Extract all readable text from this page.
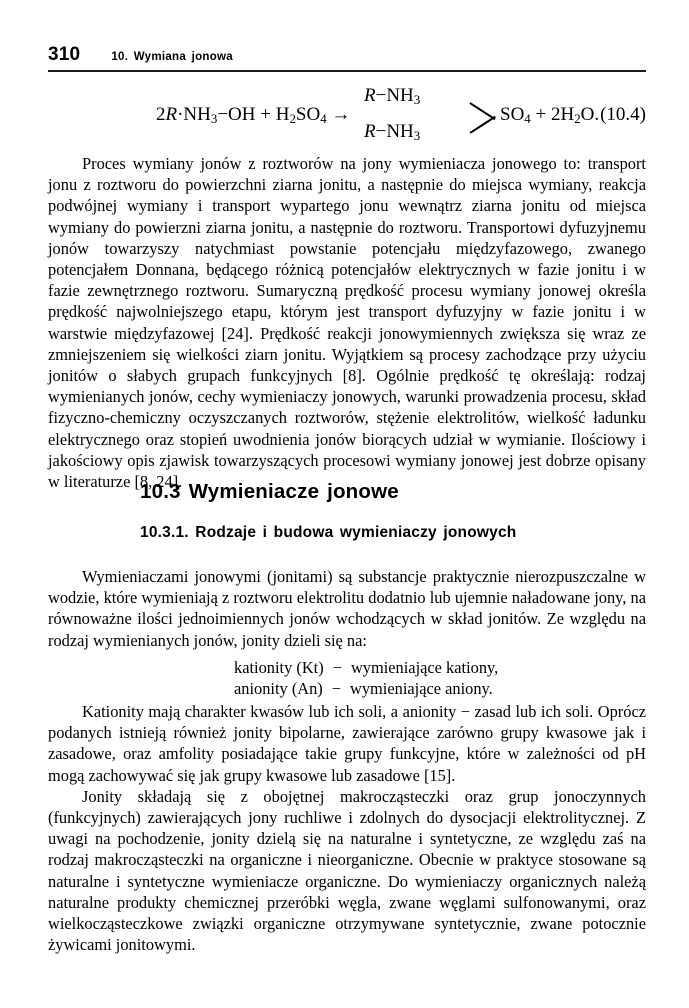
310	10. Wymiana jonowa
$2R\cdot NH_3-OH + H_2SO_4$ →
$R-NH_3$
$R-NH_3$
$SO_4 + 2H_2O$. (10.4)

Proces wymiany jonów z roztworów na jony wymieniacza jonowego to: transport jonu z roztworu do powierzchni ziarna jonitu, a następnie do miejsca wymiany, reakcja podwójnej wymiany i transport wypartego jonu wewnątrz ziarna jonitu od miejsca wymiany do powierzni ziarna jonitu, a następnie do roztworu. Transportowi dyfuzyjnemu jonów towarzyszy natychmiast powstanie potencjału międzyfazowego, zwanego potencjałem Donnana, będącego różnicą potencjałów elektrycznych w fazie jonitu i w fazie zewnętrznego roztworu. Sumaryczną prędkość procesu wymiany jonowej określa prędkość najwolniejszego etapu, którym jest transport dyfuzyjny w fazie jonitu i w warstwie międzyfazowej [24]. Prędkość reakcji jonowymiennych zwiększa się wraz ze zmniejszeniem się wielkości ziarn jonitu. Wyjątkiem są procesy zachodzące przy użyciu jonitów o słabych grupach funkcyjnych [8]. Ogólnie prędkość tę określają: rodzaj wymienianych jonów, cechy wymieniaczy jonowych, warunki prowadzenia procesu, skład fizyczno-chemiczny oczyszczanych roztworów, stężenie elektrolitów, wielkość ładunku elektrycznego oraz stopień uwodnienia jonów biorących udział w wymianie. Ilościowy i jakościowy opis zjawisk towarzyszących procesowi wymiany jonowej jest dobrze opisany w literaturze [8, 24].

10.3 Wymieniacze jonowe
10.3.1. Rodzaje i budowa wymieniaczy jonowych

Wymieniaczami jonowymi (jonitami) są substancje praktycznie nierozpuszczalne w wodzie, które wymieniają z roztworu elektrolitu dodatnio lub ujemnie naładowane jony, na równoważne ilości jednoimiennych jonów wchodzących w skład jonitów. Ze względu na rodzaj wymienianych jonów, jonity dzieli się na:

kationity (Kt) − wymieniające kationy,
anionity (An) − wymieniające aniony.

Kationity mają charakter kwasów lub ich soli, a anionity − zasad lub ich soli. Oprócz podanych istnieją również jonity bipolarne, zawierające zarówno grupy kwasowe jak i zasadowe, oraz amfolity posiadające takie grupy funkcyjne, które w zależności od pH mogą zachowywać się jak grupy kwasowe lub zasadowe [15].

Jonity składają się z obojętnej makrocząsteczki oraz grup jonoczynnych (funkcyjnych) zawierających jony ruchliwe i zdolnych do dysocjacji elektrolitycznej. Z uwagi na pochodzenie, jonity dzielą się na naturalne i syntetyczne, ze względu zaś na rodzaj makrocząsteczki na organiczne i nieorganiczne. Obecnie w praktyce stosowane są naturalne i syntetyczne wymieniacze organiczne. Do wymieniaczy organicznych należą naturalne produkty chemicznej przeróbki węgla, zwane węglami sulfonowanymi, oraz wielkocząsteczkowe związki organiczne otrzymywane syntetycznie, zwane potocznie żywicami jonitowymi.
